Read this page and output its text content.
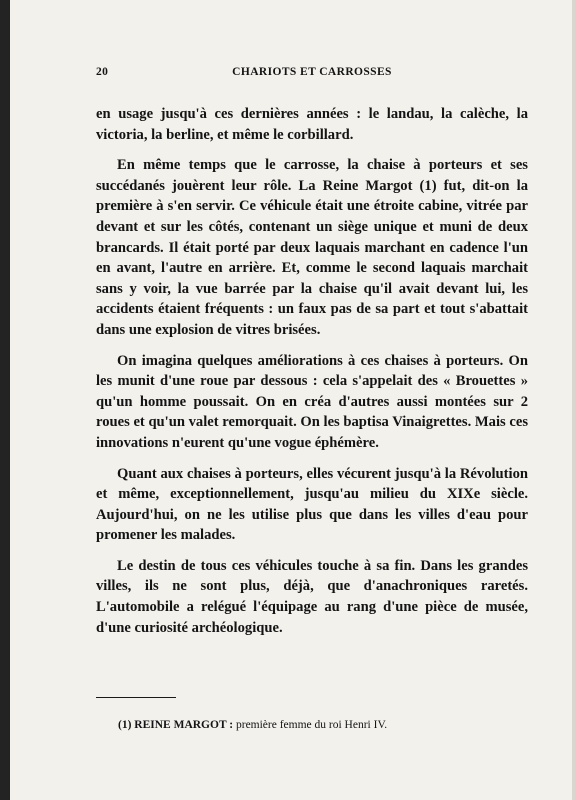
20	CHARIOTS ET CARROSSES

en usage jusqu'à ces dernières années : le landau, la calèche, la victoria, la berline, et même le corbillard.

En même temps que le carrosse, la chaise à porteurs et ses succédanés jouèrent leur rôle. La Reine Margot (1) fut, dit-on la première à s'en servir. Ce véhicule était une étroite cabine, vitrée par devant et sur les côtés, contenant un siège unique et muni de deux brancards. Il était porté par deux laquais marchant en cadence l'un en avant, l'autre en arrière. Et, comme le second laquais marchait sans y voir, la vue barrée par la chaise qu'il avait devant lui, les accidents étaient fréquents : un faux pas de sa part et tout s'abattait dans une explosion de vitres brisées.

On imagina quelques améliorations à ces chaises à porteurs. On les munit d'une roue par dessous : cela s'appelait des « Brouettes » qu'un homme poussait. On en créa d'autres aussi montées sur 2 roues et qu'un valet remorquait. On les baptisa Vinaigrettes. Mais ces innovations n'eurent qu'une vogue éphémère.

Quant aux chaises à porteurs, elles vécurent jusqu'à la Révolution et même, exceptionnellement, jusqu'au milieu du XIXe siècle. Aujourd'hui, on ne les utilise plus que dans les villes d'eau pour promener les malades.

Le destin de tous ces véhicules touche à sa fin. Dans les grandes villes, ils ne sont plus, déjà, que d'anachroniques raretés. L'automobile a relégué l'équipage au rang d'une pièce de musée, d'une curiosité archéologique.

(1) REINE MARGOT : première femme du roi Henri IV.
